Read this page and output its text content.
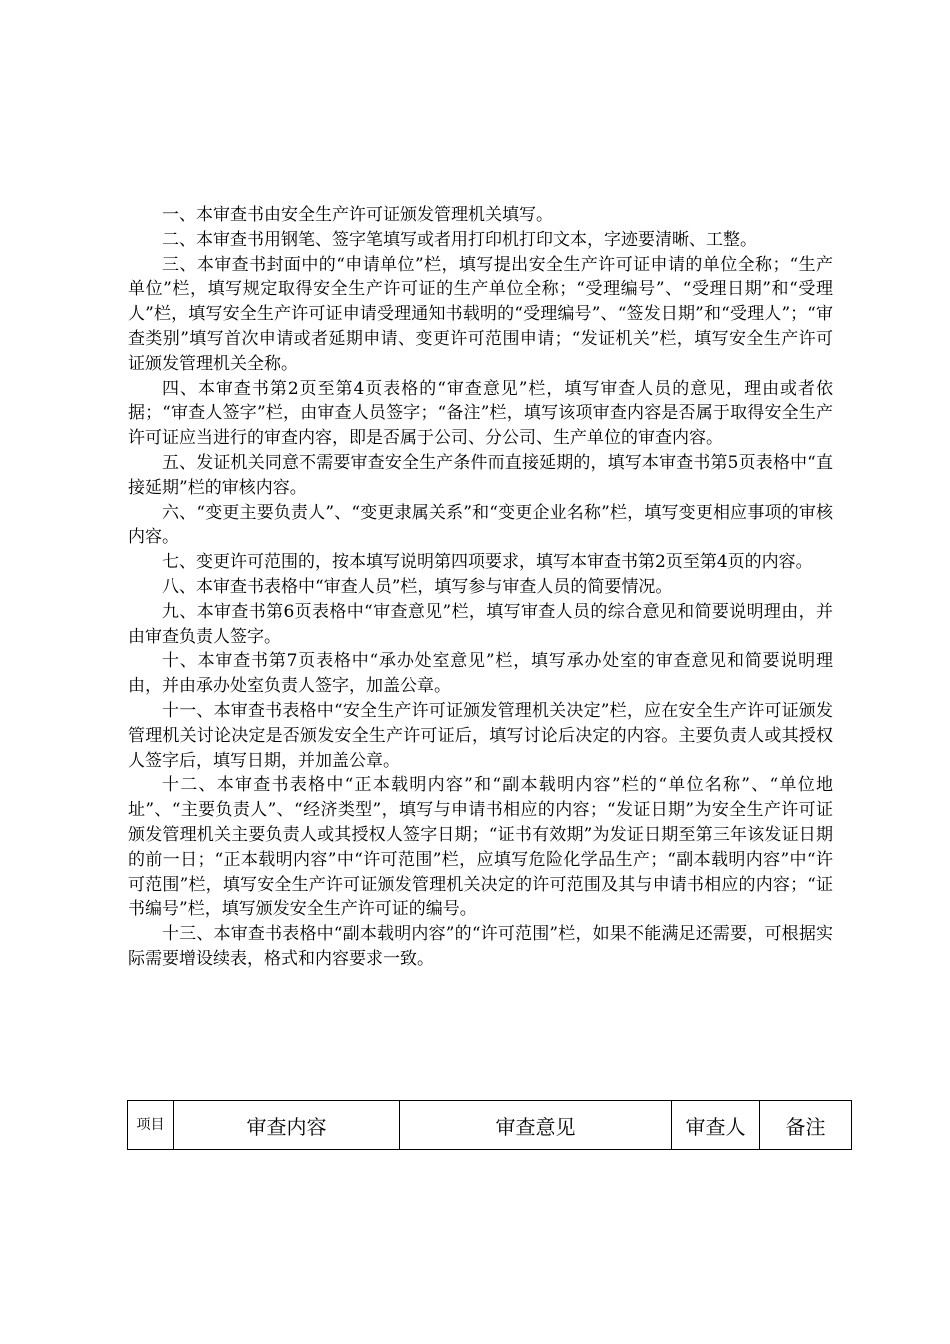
一、本审查书由安全生产许可证颁发管理机关填写。

二、本审查书用钢笔、签字笔填写或者用打印机打印文本，字迹要清晰、工整。

三、本审查书封面中的“申请单位”栏，填写提出安全生产许可证申请的单位全称；“生产单位”栏，填写规定取得安全生产许可证的生产单位全称；“受理编号”、“受理日期”和“受理人”栏，填写安全生产许可证申请受理通知书载明的“受理编号”、“签发日期”和“受理人”；“审查类别”填写首次申请或者延期申请、变更许可范围申请；“发证机关”栏，填写安全生产许可证颁发管理机关全称。

四、本审查书第2页至第4页表格的“审查意见”栏，填写审查人员的意见，理由或者依据；“审查人签字”栏，由审查人员签字；“备注”栏，填写该项审查内容是否属于取得安全生产许可证应当进行的审查内容，即是否属于公司、分公司、生产单位的审查内容。

五、发证机关同意不需要审查安全生产条件而直接延期的，填写本审查书第5页表格中“直接延期”栏的审核内容。

六、“变更主要负责人”、“变更隶属关系”和“变更企业名称”栏，填写变更相应事项的审核内容。

七、变更许可范围的，按本填写说明第四项要求，填写本审查书第2页至第4页的内容。

八、本审查书表格中“审查人员”栏，填写参与审查人员的简要情况。

九、本审查书第6页表格中“审查意见”栏，填写审查人员的综合意见和简要说明理由，并由审查负责人签字。

十、本审查书第7页表格中“承办处室意见”栏，填写承办处室的审查意见和简要说明理由，并由承办处室负责人签字，加盖公章。

十一、本审查书表格中“安全生产许可证颁发管理机关决定”栏，应在安全生产许可证颁发管理机关讨论决定是否颁发安全生产许可证后，填写讨论后决定的内容。主要负责人或其授权人签字后，填写日期，并加盖公章。

十二、本审查书表格中“正本载明内容”和“副本载明内容”栏的“单位名称”、“单位地址”、“主要负责人”、“经济类型”，填写与申请书相应的内容；“发证日期”为安全生产许可证颁发管理机关主要负责人或其授权人签字日期；“证书有效期”为发证日期至第三年该发证日期的前一日；“正本载明内容”中“许可范围”栏，应填写危险化学品生产；“副本载明内容”中“许可范围”栏，填写安全生产许可证颁发管理机关决定的许可范围及其与申请书相应的内容；“证书编号”栏，填写颁发安全生产许可证的编号。

十三、本审查书表格中“副本载明内容”的“许可范围”栏，如果不能满足还需要，可根据实际需要增设续表，格式和内容要求一致。

项目	审查内容	审查意见	审查人	备注
